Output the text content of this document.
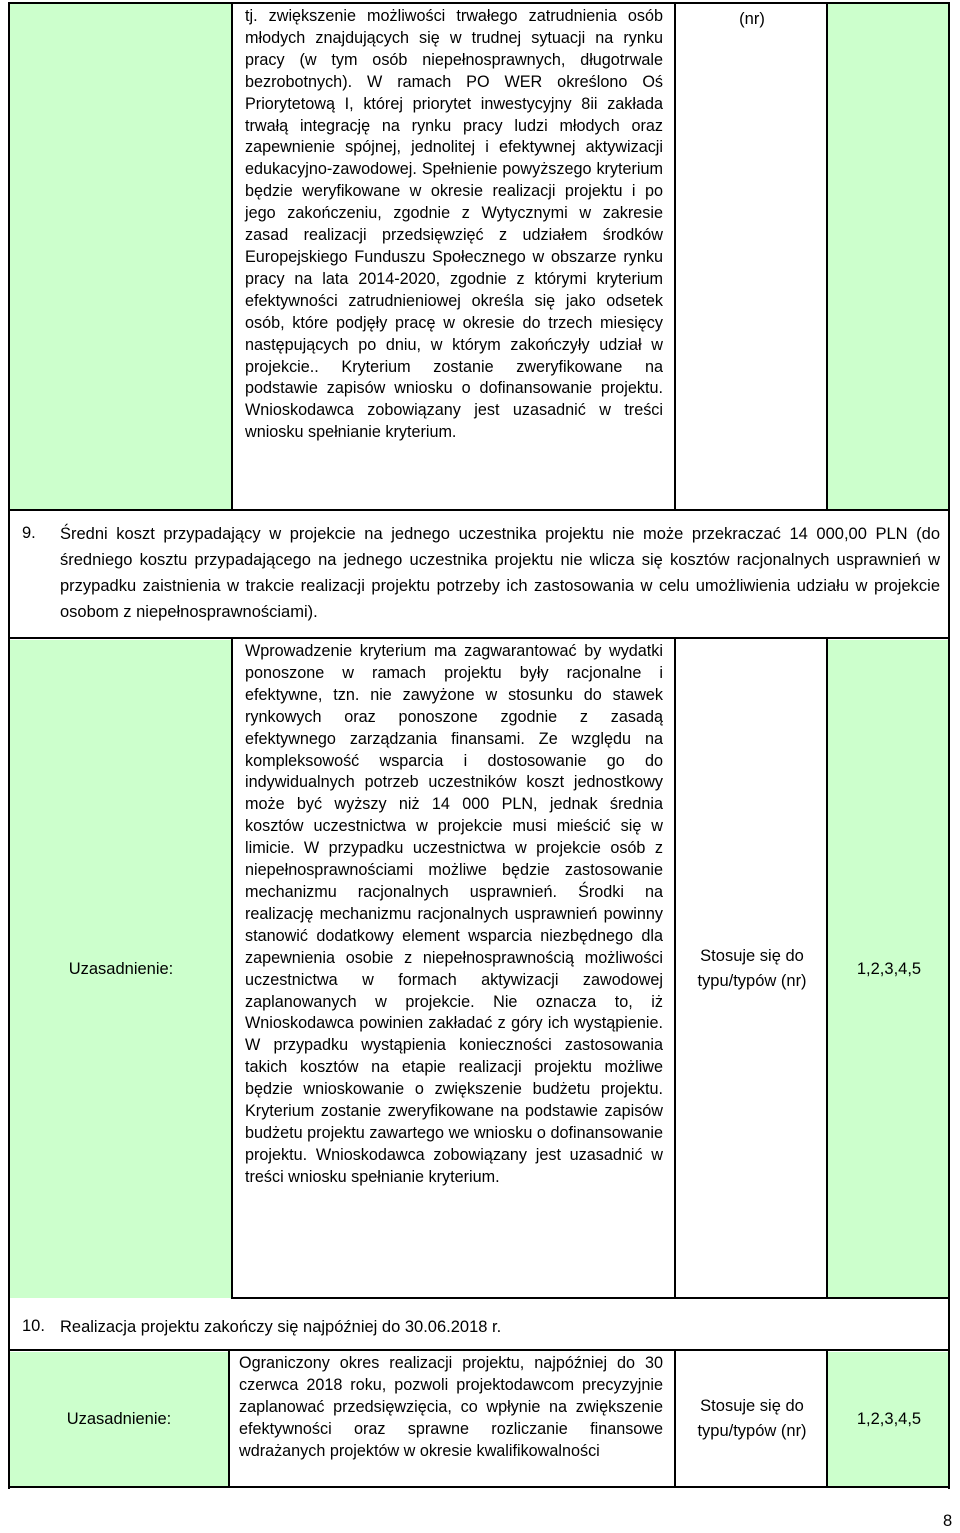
tj. zwiększenie możliwości trwałego zatrudnienia osób młodych znajdujących się w trudnej sytuacji na rynku pracy (w tym osób niepełnosprawnych, długotrwale bezrobotnych). W ramach PO WER określono Oś Priorytetową I, której priorytet inwestycyjny 8ii zakłada trwałą integrację na rynku pracy ludzi młodych oraz zapewnienie spójnej, jednolitej i efektywnej aktywizacji edukacyjno-zawodowej. Spełnienie powyższego kryterium będzie weryfikowane w okresie realizacji projektu i po jego zakończeniu, zgodnie z Wytycznymi w zakresie zasad realizacji przedsięwzięć z udziałem środków Europejskiego Funduszu Społecznego w obszarze rynku pracy na lata 2014-2020, zgodnie z którymi kryterium efektywności zatrudnieniowej określa się jako odsetek osób, które podjęły pracę w okresie do trzech miesięcy następujących po dniu, w którym zakończyły udział w projekcie.. Kryterium zostanie zweryfikowane na podstawie zapisów wniosku o dofinansowanie projektu. Wnioskodawca zobowiązany jest uzasadnić w treści wniosku spełnianie kryterium.
(nr)
9. Średni koszt przypadający w projekcie na jednego uczestnika projektu nie może przekraczać 14 000,00 PLN (do średniego kosztu przypadającego na jednego uczestnika projektu nie wlicza się kosztów racjonalnych usprawnień w przypadku zaistnienia w trakcie realizacji projektu potrzeby ich zastosowania w celu umożliwienia udziału w projekcie osobom z niepełnosprawnościami).
Uzasadnienie:
Wprowadzenie kryterium ma zagwarantować by wydatki ponoszone w ramach projektu były racjonalne i efektywne, tzn. nie zawyżone w stosunku do stawek rynkowych oraz ponoszone zgodnie z zasadą efektywnego zarządzania finansami. Ze względu na kompleksowość wsparcia i dostosowanie go do indywidualnych potrzeb uczestników koszt jednostkowy może być wyższy niż 14 000 PLN, jednak średnia kosztów uczestnictwa w projekcie musi mieścić się w limicie. W przypadku uczestnictwa w projekcie osób z niepełnosprawnościami możliwe będzie zastosowanie mechanizmu racjonalnych usprawnień. Środki na realizację mechanizmu racjonalnych usprawnień powinny stanowić dodatkowy element wsparcia niezbędnego dla zapewnienia osobie z niepełnosprawnością możliwości uczestnictwa w formach aktywizacji zawodowej zaplanowanych w projekcie. Nie oznacza to, iż Wnioskodawca powinien zakładać z góry ich wystąpienie. W przypadku wystąpienia konieczności zastosowania takich kosztów na etapie realizacji projektu możliwe będzie wnioskowanie o zwiększenie budżetu projektu. Kryterium zostanie zweryfikowane na podstawie zapisów budżetu projektu zawartego we wniosku o dofinansowanie projektu. Wnioskodawca zobowiązany jest uzasadnić w treści wniosku spełnianie kryterium.
Stosuje się do typu/typów (nr)
1,2,3,4,5
10. Realizacja projektu zakończy się najpóźniej do 30.06.2018 r.
Uzasadnienie:
Ograniczony okres realizacji projektu, najpóźniej do 30 czerwca 2018 roku, pozwoli projektodawcom precyzyjnie zaplanować przedsięwzięcia, co wpłynie na zwiększenie efektywności oraz sprawne rozliczanie finansowe wdrażanych projektów w okresie kwalifikowalności
Stosuje się do typu/typów (nr)
1,2,3,4,5
8
